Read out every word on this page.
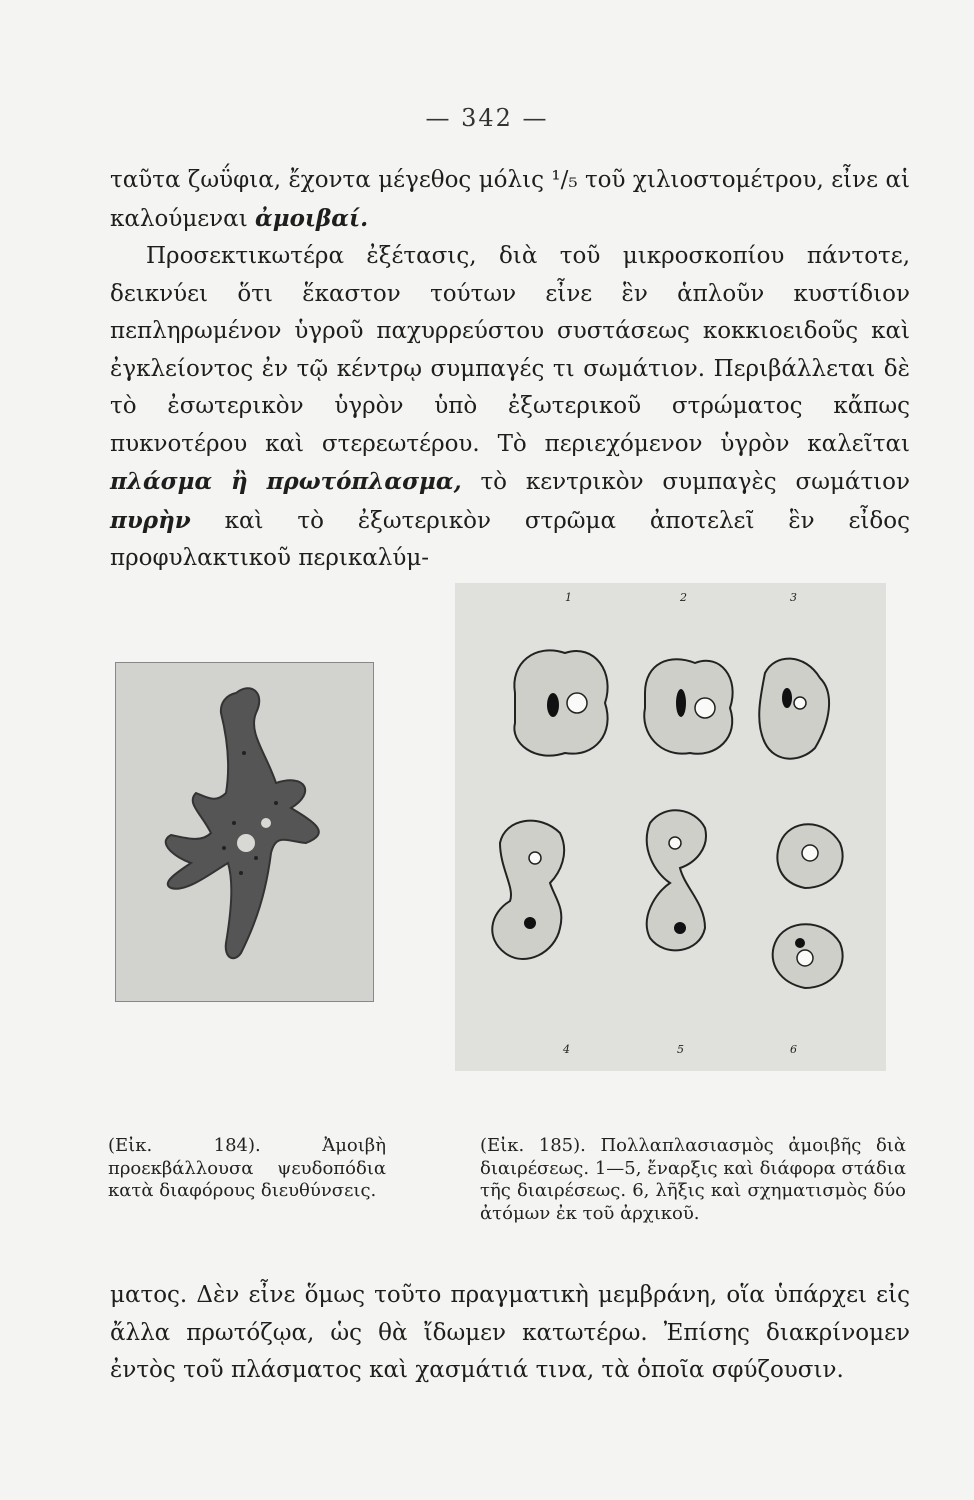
— 342 —

ταῦτα ζωΰφια, ἔχοντα μέγεθος μόλις ¹/₅ τοῦ χιλιοστομέτρου, εἶνε αἱ καλούμεναι ἀμοιβαί.

Προσεκτικωτέρα ἐξέτασις, διὰ τοῦ μικροσκοπίου πάντοτε, δεικνύει ὅτι ἕκαστον τούτων εἶνε ἓν ἁπλοῦν κυστίδιον πεπληρωμένον ὑγροῦ παχυρρεύστου συστάσεως κοκκιοειδοῦς καὶ ἐγκλείοντος ἐν τῷ κέντρῳ συμπαγές τι σωμάτιον. Περιβάλλεται δὲ τὸ ἐσωτερικὸν ὑγρὸν ὑπὸ ἐξωτερικοῦ στρώματος κἄπως πυκνοτέρου καὶ στερεωτέρου. Τὸ περιεχόμενον ὑγρὸν καλεῖται πλάσμα ἢ πρωτόπλασμα, τὸ κεντρικὸν συμπαγὲς σωμάτιον πυρὴν καὶ τὸ ἐξωτερικὸν στρῶμα ἀποτελεῖ ἓν εἶδος προφυλακτικοῦ περικαλύμ-

1	2	3
4	5	6
(Εἰκ. 184). Ἀμοιβὴ προεκβάλλουσα ψευδοπόδια κατὰ διαφόρους διευθύνσεις.
(Εἰκ. 185). Πολλαπλασιασμὸς ἀμοιβῆς διὰ διαιρέσεως. 1—5, ἔναρξις καὶ διάφορα στάδια τῆς διαιρέσεως. 6, λῆξις καὶ σχηματισμὸς δύο ἀτόμων ἐκ τοῦ ἀρχικοῦ.

ματος. Δὲν εἶνε ὅμως τοῦτο πραγματικὴ μεμβράνη, οἵα ὑπάρχει εἰς ἄλλα πρωτόζῳα, ὡς θὰ ἴδωμεν κατωτέρω. Ἐπίσης διακρίνομεν ἐντὸς τοῦ πλάσματος καὶ χασμάτιά τινα, τὰ ὁποῖα σφύζουσιν.
